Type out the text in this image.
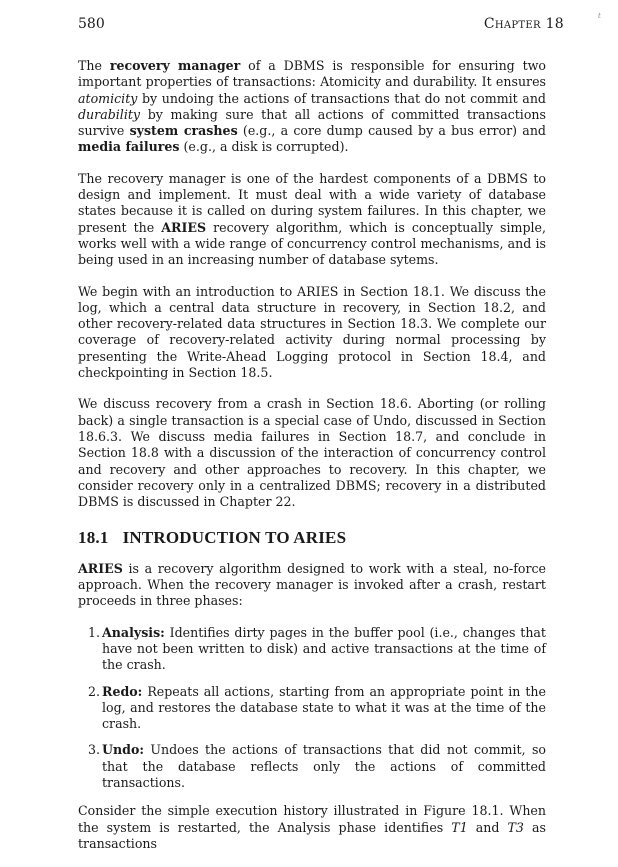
580	Chapter 18	t

The recovery manager of a DBMS is responsible for ensuring two important properties of transactions: Atomicity and durability. It ensures atomicity by undoing the actions of transactions that do not commit and durability by making sure that all actions of committed transactions survive system crashes (e.g., a core dump caused by a bus error) and media failures (e.g., a disk is corrupted).

The recovery manager is one of the hardest components of a DBMS to design and implement. It must deal with a wide variety of database states because it is called on during system failures. In this chapter, we present the ARIES recovery algorithm, which is conceptually simple, works well with a wide range of concurrency control mechanisms, and is being used in an increasing number of database sytems.

We begin with an introduction to ARIES in Section 18.1. We discuss the log, which a central data structure in recovery, in Section 18.2, and other recovery-related data structures in Section 18.3. We complete our coverage of recovery-related activity during normal processing by presenting the Write-Ahead Logging protocol in Section 18.4, and checkpointing in Section 18.5.

We discuss recovery from a crash in Section 18.6. Aborting (or rolling back) a single transaction is a special case of Undo, discussed in Section 18.6.3. We discuss media failures in Section 18.7, and conclude in Section 18.8 with a discussion of the interaction of concurrency control and recovery and other approaches to recovery. In this chapter, we consider recovery only in a centralized DBMS; recovery in a distributed DBMS is discussed in Chapter 22.

18.1 INTRODUCTION TO ARIES

ARIES is a recovery algorithm designed to work with a steal, no-force approach. When the recovery manager is invoked after a crash, restart proceeds in three phases:

1. Analysis: Identifies dirty pages in the buffer pool (i.e., changes that have not been written to disk) and active transactions at the time of the crash.
2. Redo: Repeats all actions, starting from an appropriate point in the log, and restores the database state to what it was at the time of the crash.
3. Undo: Undoes the actions of transactions that did not commit, so that the database reflects only the actions of committed transactions.

Consider the simple execution history illustrated in Figure 18.1. When the system is restarted, the Analysis phase identifies T1 and T3 as transactions
